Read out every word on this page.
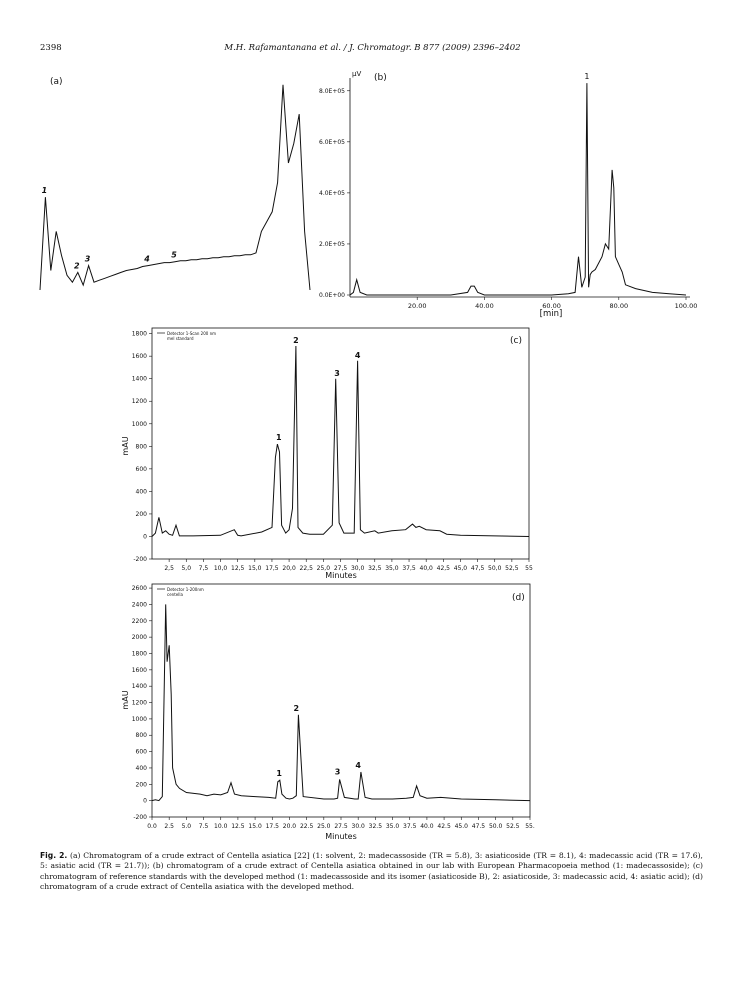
2398	M.H. Rafamantanana et al. / J. Chromatogr. B 877 (2009) 2396–2402
(a)
1
2
3	4	5
µV (b)
0.0E+00
2.0E+05
4.0E+05
6.0E+05
8.0E+05
20.00	40.00	60.00	80.00	100.00
[min]
1
Detector 1-Scan 200 nm
mel standard	(c)
-200
0
200
400
600
800
1000
1200
1400
1600
1800
2,5 5,0 7,5 10,0 12,5 15,0 17,5 20,0 22,5 25,0 27,5 30,0 32,5 35,0 37,5 40,0 42,5 45,0 47,5 50,0 52,5 55
mAU
Minutes
1
2
3
4
Detector 1-200nm
centella	(d)
-200
0
200
400
600
800
1000
1200
1400
1600
1800
2000
2200
2400
2600
0.0 2.5 5.0 7.5 10.0 12.5 15.0 17.5 20.0 22.5 25.0 27.5 30.0 32.5 35.0 37.5 40.0 42.5 45.0 47.5 50.0 52.5 55.
mAU
Minutes
1
2
3
4
Fig. 2. (a) Chromatogram of a crude extract of Centella asiatica [22] (1: solvent, 2: madecassoside (TR = 5.8), 3: asiaticoside (TR = 8.1), 4: madecassic acid (TR = 17.6), 5: asiatic acid (TR = 21.7)); (b) chromatogram of a crude extract of Centella asiatica obtained in our lab with European Pharmacopoeia method (1: madecassoside); (c) chromatogram of reference standards with the developed method (1: madecassoside and its isomer (asiaticoside B), 2: asiaticoside, 3: madecassic acid, 4: asiatic acid); (d) chromatogram of a crude extract of Centella asiatica with the developed method.
